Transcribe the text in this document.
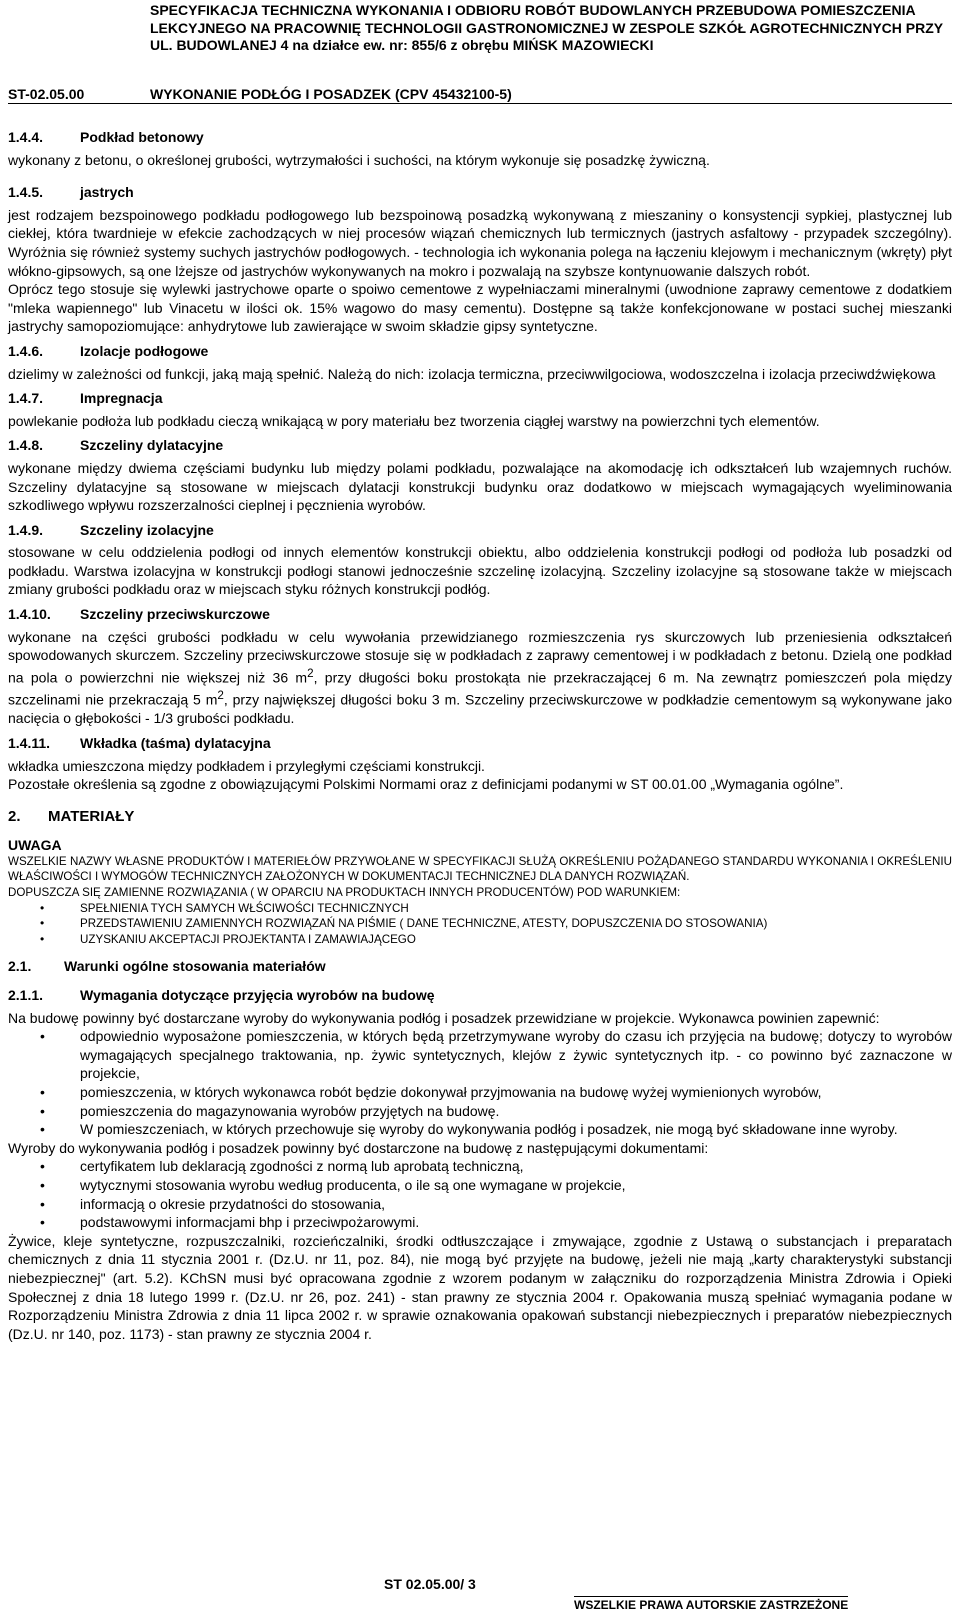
SPECYFIKACJA TECHNICZNA WYKONANIA I ODBIORU ROBÓT BUDOWLANYCH PRZEBUDOWA POMIESZCZENIA LEKCYJNEGO NA PRACOWNIĘ TECHNOLOGII GASTRONOMICZNEJ W ZESPOLE SZKÓŁ AGROTECHNICZNYCH PRZY UL. BUDOWLANEJ 4 na działce ew. nr: 855/6 z obrębu MIŃSK MAZOWIECKI
ST-02.05.00	WYKONANIE PODŁÓG I POSADZEK (CPV 45432100-5)
1.4.4.	Podkład betonowy

wykonany z betonu, o określonej grubości, wytrzymałości i suchości, na którym wykonuje się posadzkę żywiczną.

1.4.5.	jastrych

jest rodzajem bezspoinowego podkładu podłogowego lub bezspoinową posadzką wykonywaną z mieszaniny o konsystencji sypkiej, plastycznej lub ciekłej, która twardnieje w efekcie zachodzących w niej procesów wiązań chemicznych lub termicznych (jastrych asfaltowy - przypadek szczególny). Wyróżnia się również systemy suchych jastrychów podłogowych. - technologia ich wykonania polega na łączeniu klejowym i mechanicznym (wkręty) płyt włókno-gipsowych, są one lżejsze od jastrychów wykonywanych na mokro i pozwalają na szybsze kontynuowanie dalszych robót.

Oprócz tego stosuje się wylewki jastrychowe oparte o spoiwo cementowe z wypełniaczami mineralnymi (uwodnione zaprawy cementowe z dodatkiem "mleka wapiennego" lub Vinacetu w ilości ok. 15% wagowo do masy cementu). Dostępne są także konfekcjonowane w postaci suchej mieszanki jastrychy samopoziomujące: anhydrytowe lub zawierające w swoim składzie gipsy syntetyczne.

1.4.6.	Izolacje podłogowe

dzielimy w zależności od funkcji, jaką mają spełnić. Należą do nich: izolacja termiczna, przeciwwilgociowa, wodoszczelna i izolacja przeciwdźwiękowa

1.4.7.	Impregnacja

powlekanie podłoża lub podkładu cieczą wnikającą w pory materiału bez tworzenia ciągłej warstwy na powierzchni tych elementów.

1.4.8.	Szczeliny dylatacyjne

wykonane między dwiema częściami budynku lub między polami podkładu, pozwalające na akomodację ich odkształceń lub wzajemnych ruchów. Szczeliny dylatacyjne są stosowane w miejscach dylatacji konstrukcji budynku oraz dodatkowo w miejscach wymagających wyeliminowania szkodliwego wpływu rozszerzalności cieplnej i pęcznienia wyrobów.

1.4.9.	Szczeliny izolacyjne

stosowane w celu oddzielenia podłogi od innych elementów konstrukcji obiektu, albo oddzielenia konstrukcji podłogi od podłoża lub posadzki od podkładu. Warstwa izolacyjna w konstrukcji podłogi stanowi jednocześnie szczelinę izolacyjną. Szczeliny izolacyjne są stosowane także w miejscach zmiany grubości podkładu oraz w miejscach styku różnych konstrukcji podłóg.

1.4.10. Szczeliny przeciwskurczowe

wykonane na części grubości podkładu w celu wywołania przewidzianego rozmieszczenia rys skurczowych lub przeniesienia odkształceń spowodowanych skurczem. Szczeliny przeciwskurczowe stosuje się w podkładach z zaprawy cementowej i w podkładach z betonu. Dzielą one podkład na pola o powierzchni nie większej niż 36 $m^2$, przy długości boku prostokąta nie przekraczającej 6 m. Na zewnątrz pomieszczeń pola między szczelinami nie przekraczają 5 $m^2$, przy największej długości boku 3 m. Szczeliny przeciwskurczowe w podkładzie cementowym są wykonywane jako nacięcia o głębokości - 1/3 grubości podkładu.

1.4.11. Wkładka (taśma) dylatacyjna

wkładka umieszczona między podkładem i przyległymi częściami konstrukcji.

Pozostałe określenia są zgodne z obowiązującymi Polskimi Normami oraz z definicjami podanymi w ST 00.01.00 „Wymagania ogólne”.

2. MATERIAŁY
UWAGA

WSZELKIE NAZWY WŁASNE PRODUKTÓW I MATERIEŁÓW PRZYWOŁANE W SPECYFIKACJI SŁUŻĄ OKREŚLENIU POŻĄDANEGO STANDARDU WYKONANIA I OKREŚLENIU WŁAŚCIWOŚCI I WYMOGÓW TECHNICZNYCH ZAŁOŻONYCH W DOKUMENTACJI TECHNICZNEJ DLA DANYCH ROZWIĄZAŃ.

DOPUSZCZA SIĘ ZAMIENNE ROZWIĄZANIA ( W OPARCIU NA PRODUKTACH INNYCH PRODUCENTÓW) POD WARUNKIEM:

• SPEŁNIENIA TYCH SAMYCH WŁŚCIWOŚCI TECHNICZNYCH
• PRZEDSTAWIENIU ZAMIENNYCH ROZWIĄZAŃ NA PIŚMIE ( DANE TECHNICZNE, ATESTY, DOPUSZCZENIA DO STOSOWANIA)
• UZYSKANIU AKCEPTACJI PROJEKTANTA I ZAMAWIAJĄCEGO
2.1. Warunki ogólne stosowania materiałów
2.1.1.	Wymagania dotyczące przyjęcia wyrobów na budowę

Na budowę powinny być dostarczane wyroby do wykonywania podłóg i posadzek przewidziane w projekcie. Wykonawca powinien zapewnić:

• odpowiednio wyposażone pomieszczenia, w których będą przetrzymywane wyroby do czasu ich przyjęcia na budowę; dotyczy to wyrobów wymagających specjalnego traktowania, np. żywic syntetycznych, klejów z żywic syntetycznych itp. - co powinno być zaznaczone w projekcie,
• pomieszczenia, w których wykonawca robót będzie dokonywał przyjmowania na budowę wyżej wymienionych wyrobów,
• pomieszczenia do magazynowania wyrobów przyjętych na budowę.
• W pomieszczeniach, w których przechowuje się wyroby do wykonywania podłóg i posadzek, nie mogą być składowane inne wyroby.

Wyroby do wykonywania podłóg i posadzek powinny być dostarczone na budowę z następującymi dokumentami:

• certyfikatem lub deklaracją zgodności z normą lub aprobatą techniczną,
• wytycznymi stosowania wyrobu według producenta, o ile są one wymagane w projekcie,
• informacją o okresie przydatności do stosowania,
• podstawowymi informacjami bhp i przeciwpożarowymi.

Żywice, kleje syntetyczne, rozpuszczalniki, rozcieńczalniki, środki odtłuszczające i zmywające, zgodnie z Ustawą o substancjach i preparatach chemicznych z dnia 11 stycznia 2001 r. (Dz.U. nr 11, poz. 84), nie mogą być przyjęte na budowę, jeżeli nie mają „karty charakterystyki substancji niebezpiecznej" (art. 5.2). KChSN musi być opracowana zgodnie z wzorem podanym w załączniku do rozporządzenia Ministra Zdrowia i Opieki Społecznej z dnia 18 lutego 1999 r. (Dz.U. nr 26, poz. 241) - stan prawny ze stycznia 2004 r. Opakowania muszą spełniać wymagania podane w Rozporządzeniu Ministra Zdrowia z dnia 11 lipca 2002 r. w sprawie oznakowania opakowań substancji niebezpiecznych i preparatów niebezpiecznych (Dz.U. nr 140, poz. 1173) - stan prawny ze stycznia 2004 r.

ST 02.05.00/ 3
WSZELKIE PRAWA AUTORSKIE ZASTRZEŻONE
